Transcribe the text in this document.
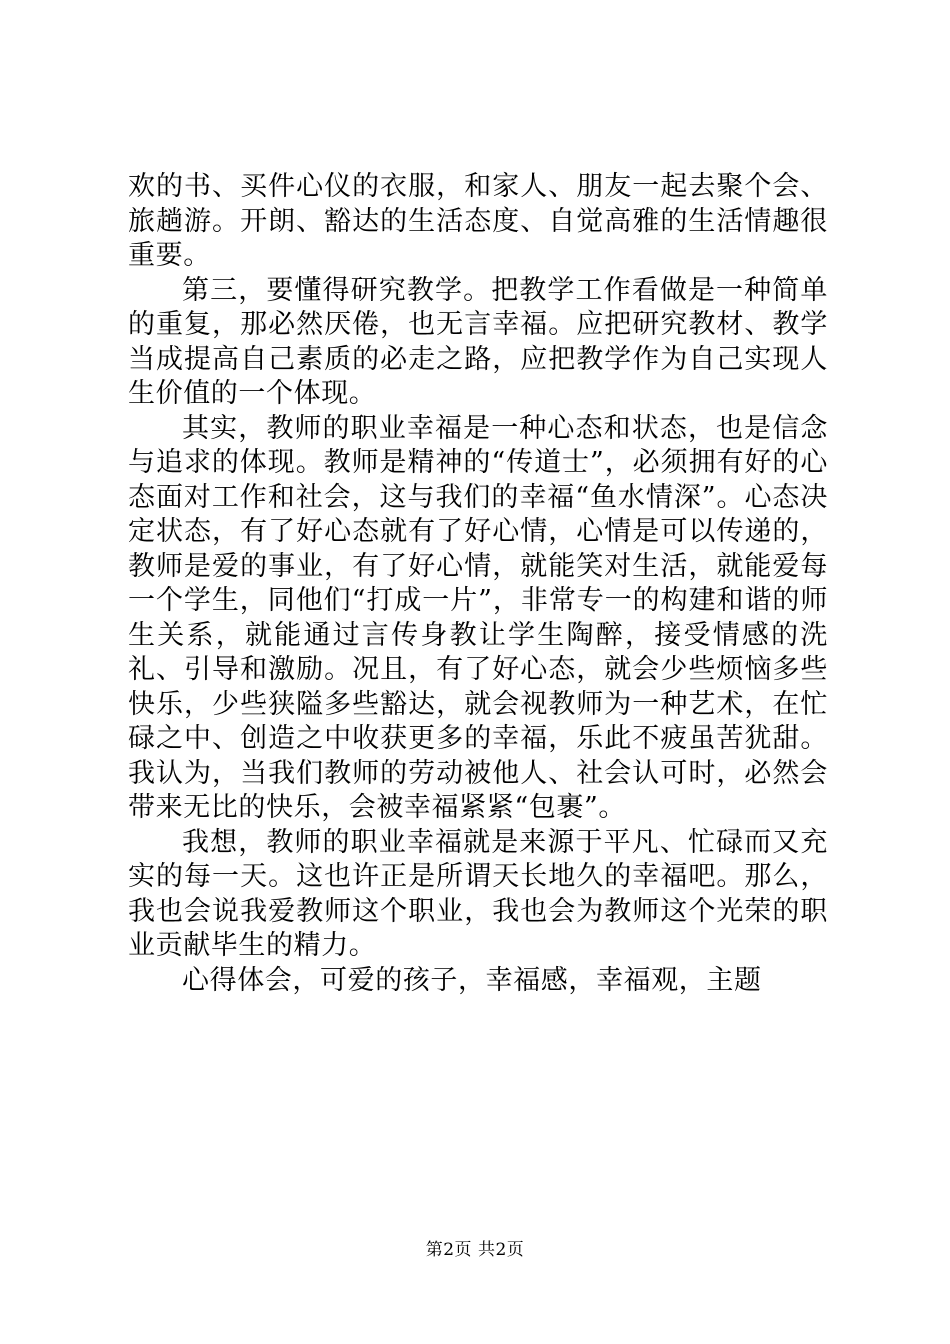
欢的书、买件心仪的衣服，和家人、朋友一起去聚个会、旅趟游。开朗、豁达的生活态度、自觉高雅的生活情趣很重要。

第三，要懂得研究教学。把教学工作看做是一种简单的重复，那必然厌倦，也无言幸福。应把研究教材、教学当成提高自己素质的必走之路，应把教学作为自己实现人生价值的一个体现。

其实，教师的职业幸福是一种心态和状态，也是信念与追求的体现。教师是精神的“传道士”，必须拥有好的心态面对工作和社会，这与我们的幸福“鱼水情深”。心态决定状态，有了好心态就有了好心情，心情是可以传递的，教师是爱的事业，有了好心情，就能笑对生活，就能爱每一个学生，同他们“打成一片”，非常专一的构建和谐的师生关系，就能通过言传身教让学生陶醉，接受情感的洗礼、引导和激励。况且，有了好心态，就会少些烦恼多些快乐，少些狭隘多些豁达，就会视教师为一种艺术，在忙碌之中、创造之中收获更多的幸福，乐此不疲虽苦犹甜。我认为，当我们教师的劳动被他人、社会认可时，必然会带来无比的快乐，会被幸福紧紧“包裹”。

我想，教师的职业幸福就是来源于平凡、忙碌而又充实的每一天。这也许正是所谓天长地久的幸福吧。那么，我也会说我爱教师这个职业，我也会为教师这个光荣的职业贡献毕生的精力。

心得体会，可爱的孩子，幸福感，幸福观，主题

第2页 共2页
